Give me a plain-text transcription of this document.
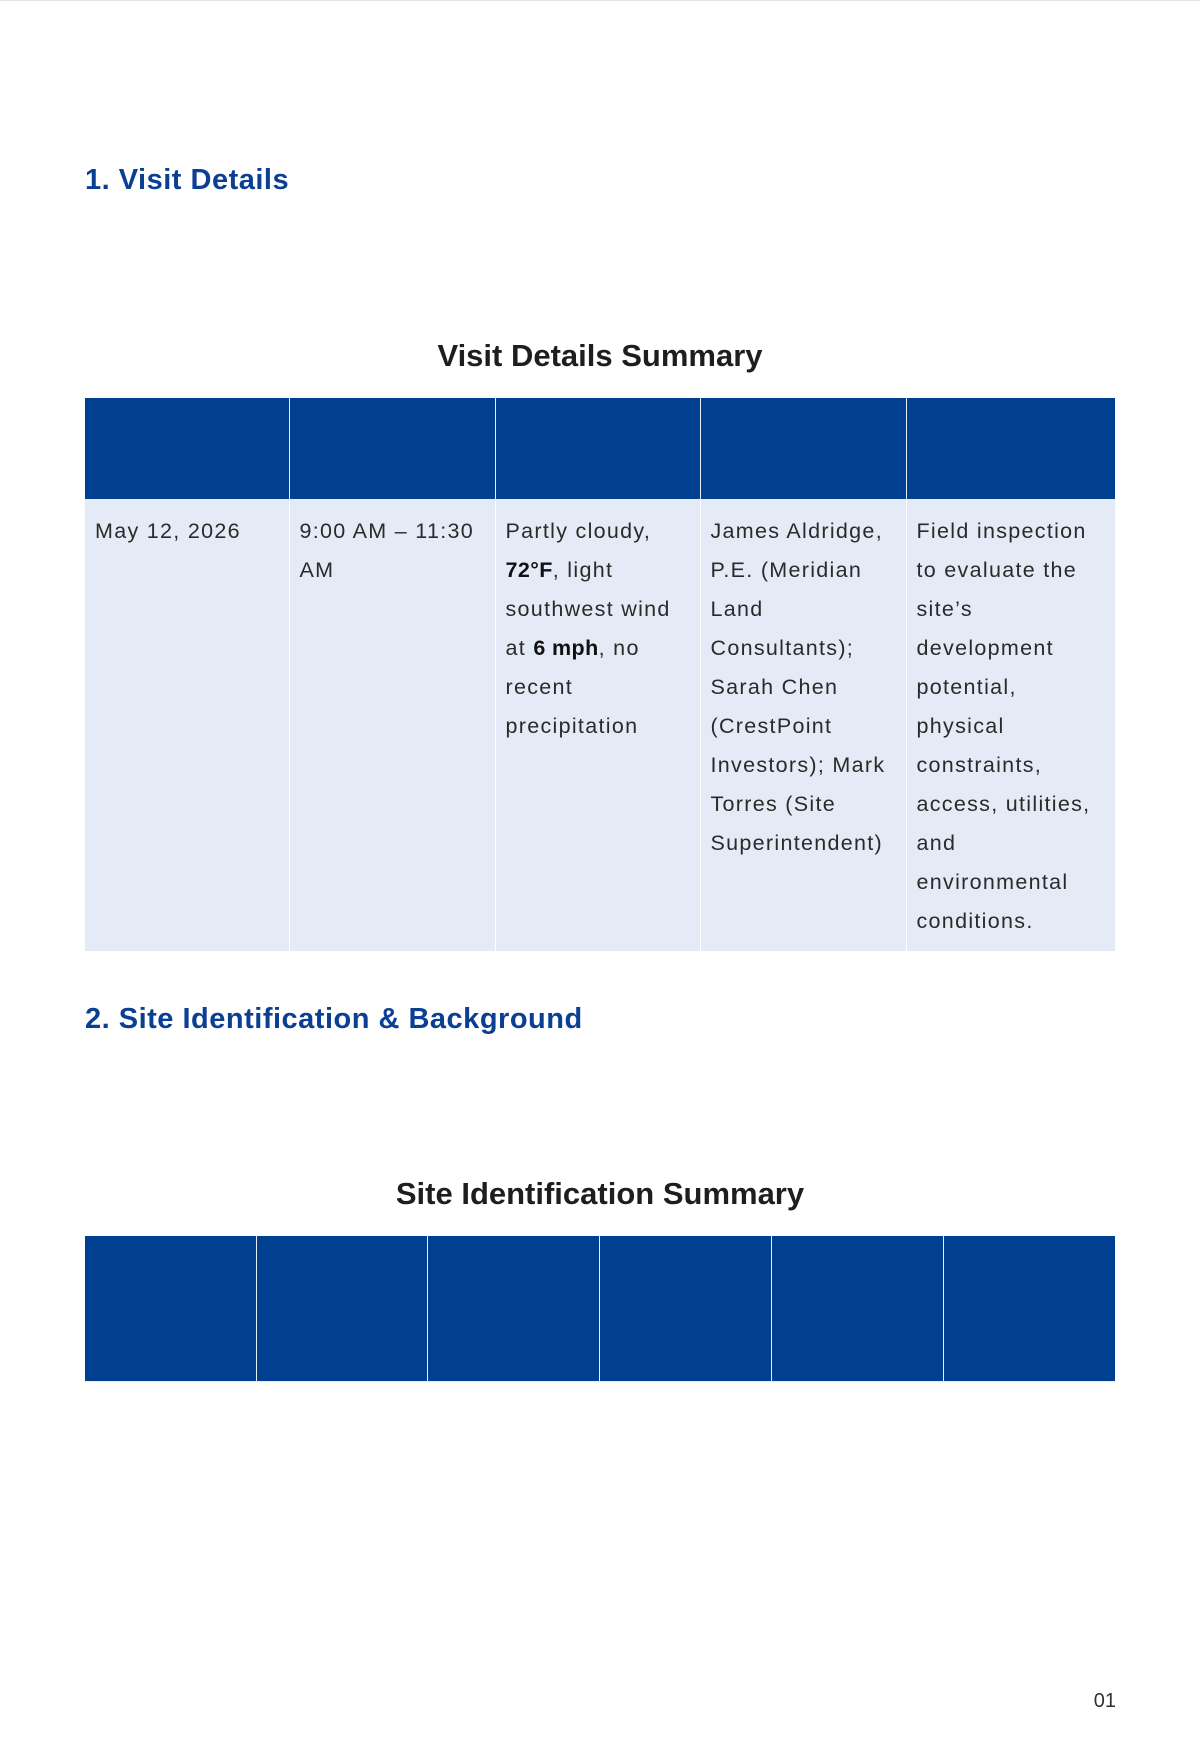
1. Visit Details
Visit Details Summary

May 12, 2026	9:00 AM – 11:30 AM	Partly cloudy, 72°F, light southwest wind at 6 mph, no recent precipitation	James Aldridge, P.E. (Meridian Land Consultants); Sarah Chen (CrestPoint Investors); Mark Torres (Site Superintendent)	Field inspection to evaluate the site’s development potential, physical constraints, access, utilities, and environmental conditions.
2. Site Identification & Background
Site Identification Summary

01
